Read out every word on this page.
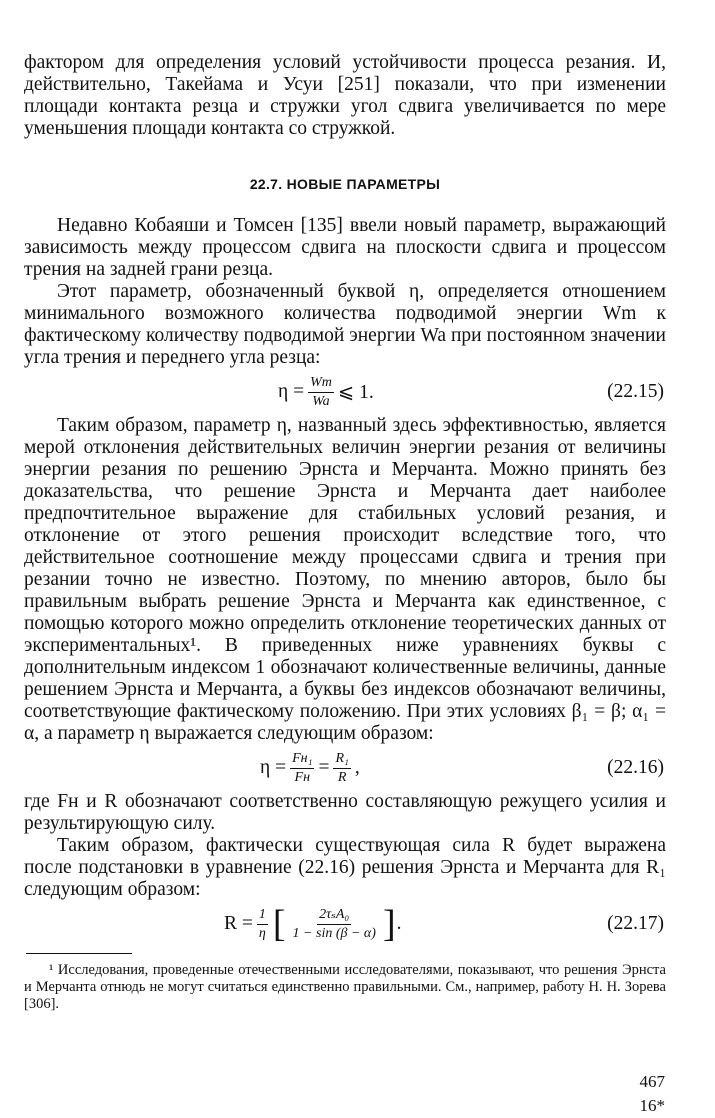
фактором для определения условий устойчивости процесса резания. И, действительно, Такейама и Усуи [251] показали, что при изменении площади контакта резца и стружки угол сдвига увеличивается по мере уменьшения площади контакта со стружкой.

22.7. НОВЫЕ ПАРАМЕТРЫ

Недавно Кобаяши и Томсен [135] ввели новый параметр, выражающий зависимость между процессом сдвига на плоскости сдвига и процессом трения на задней грани резца.

Этот параметр, обозначенный буквой η, определяется отношением минимального возможного количества подводимой энергии Wm к фактическому количеству подводимой энергии Wa при постоянном значении угла трения и переднего угла резца:

$\eta = \frac{Wm}{Wa}$ ⩽ 1.	(22.15)

Таким образом, параметр η, названный здесь эффективностью, является мерой отклонения действительных величин энергии резания от величины энергии резания по решению Эрнста и Мерчанта. Можно принять без доказательства, что решение Эрнста и Мерчанта дает наиболее предпочтительное выражение для стабильных условий резания, и отклонение от этого решения происходит вследствие того, что действительное соотношение между процессами сдвига и трения при резании точно не известно. Поэтому, по мнению авторов, было бы правильным выбрать решение Эрнста и Мерчанта как единственное, с помощью которого можно определить отклонение теоретических данных от экспериментальных¹. В приведенных ниже уравнениях буквы с дополнительным индексом 1 обозначают количественные величины, данные решением Эрнста и Мерчанта, а буквы без индексов обозначают величины, соответствующие фактическому положению. При этих условиях β₁ = β; α₁ = α, а параметр η выражается следующим образом:

$\eta = \frac{\text{Fн₁}}{Fн} = \frac{\text{R₁}}{R}$ ,	(22.16)

где Fн и R обозначают соответственно составляющую режущего усилия и результирующую силу.

Таким образом, фактически существующая сила R будет выражена после подстановки в уравнение (22.16) решения Эрнста и Мерчанта для R₁ следующим образом:

$R = \frac{1}{\eta}$ [ $\frac{\text{2τₛA₀}}{1 - \sin (\beta - \alpha)}$ ] .	(22.17)

¹ Исследования, проведенные отечественными исследователями, показывают, что решения Эрнста и Мерчанта отнюдь не могут считаться единственно правильными. См., например, работу Н. Н. Зорева [306].

467
16*
